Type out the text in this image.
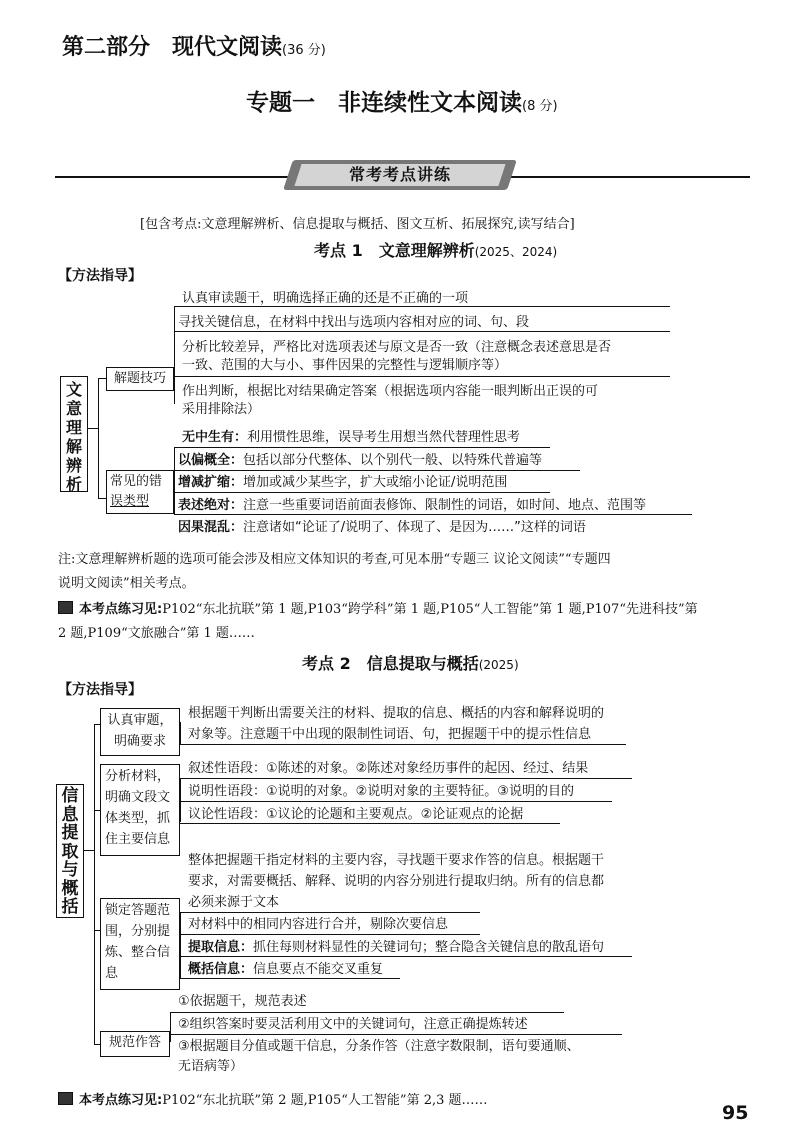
第二部分　现代文阅读(36 分)
专题一　非连续性文本阅读(8 分)
常考考点讲练
[包含考点:文意理解辨析、信息提取与概括、图文互析、拓展探究,读写结合]
考点 1　文意理解辨析(2025、2024)
【方法指导】
文
意
理
解
辨
析
解题技巧
常见的错
误类型
认真审读题干，明确选择正确的还是不正确的一项
寻找关键信息，在材料中找出与选项内容相对应的词、句、段
分析比较差异，严格比对选项表述与原文是否一致（注意概念表述意思是否
一致、范围的大与小、事件因果的完整性与逻辑顺序等）
作出判断，根据比对结果确定答案（根据选项内容能一眼判断出正误的可
采用排除法）
无中生有：利用惯性思维，误导考生用想当然代替理性思考
以偏概全：包括以部分代整体、以个别代一般、以特殊代普遍等
增减扩缩：增加或减少某些字，扩大或缩小论证/说明范围
表述绝对：注意一些重要词语前面表修饰、限制性的词语，如时间、地点、范围等
因果混乱：注意诸如“论证了/说明了、体现了、是因为……”这样的词语
注:文意理解辨析题的选项可能会涉及相应文体知识的考查,可见本册“专题三 议论文阅读”“专题四
说明文阅读”相关考点。
本考点练习见:P102“东北抗联”第 1 题,P103“跨学科”第 1 题,P105“人工智能”第 1 题,P107“先进科技”第
2 题,P109“文旅融合”第 1 题……
考点 2　信息提取与概括(2025)
【方法指导】
信
息
提
取
与
概
括
认真审题，
明确要求
根据题干判断出需要关注的材料、提取的信息、概括的内容和解释说明的
对象等。注意题干中出现的限制性词语、句，把握题干中的提示性信息
分析材料，
明确文段文
体类型，抓
住主要信息
叙述性语段：①陈述的对象。②陈述对象经历事件的起因、经过、结果
说明性语段：①说明的对象。②说明对象的主要特征。③说明的目的
议论性语段：①议论的论题和主要观点。②论证观点的论据
整体把握题干指定材料的主要内容，寻找题干要求作答的信息。根据题干
要求，对需要概括、解释、说明的内容分别进行提取归纳。所有的信息都
必须来源于文本
锁定答题范
围，分别提
炼、整合信
息
对材料中的相同内容进行合并，剔除次要信息
提取信息：抓住每则材料显性的关键词句；整合隐含关键信息的散乱语句
概括信息：信息要点不能交叉重复
规范作答
①依据题干，规范表述
②组织答案时要灵活利用文中的关键词句，注意正确提炼转述
③根据题目分值或题干信息，分条作答（注意字数限制，语句要通顺、
无语病等）
本考点练习见:P102“东北抗联”第 2 题,P105“人工智能”第 2,3 题……
95
